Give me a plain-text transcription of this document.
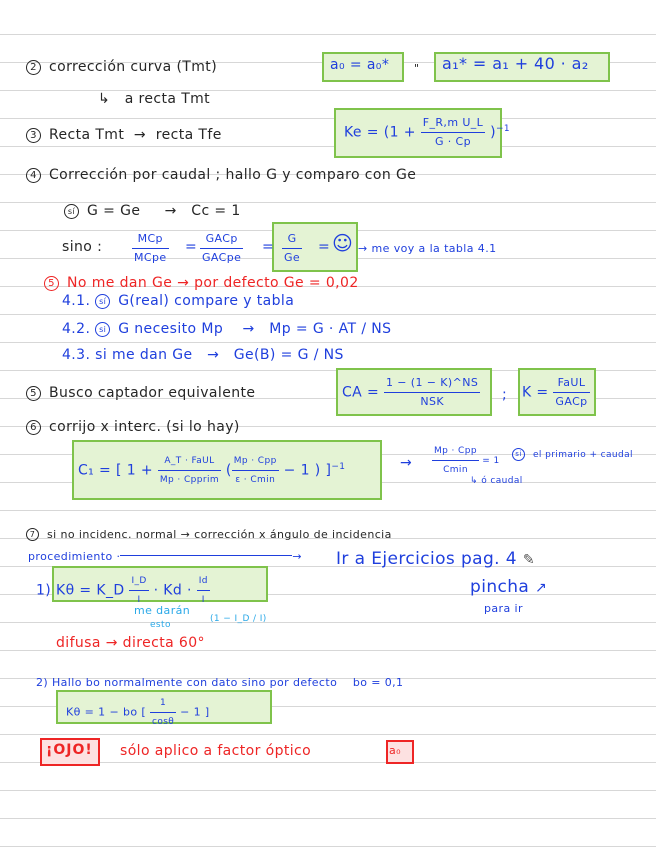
2 corrección curva (Tmt)	a₀ = a₀* " a₁* = a₁ + 40 · a₂
↳   a recta Tmt
3 Recta Tmt  →  recta Tfe	$Ke = (1 + \frac{\text{F\_R,m U\_L}}{G \cdot Cp} )^{-1}$
4 Corrección por caudal ; hallo G y comparo con Ge
sí G = Ge     →   Cc = 1
sino :	$\frac{\text{MCp}}{\text{MCpe}} = \frac{\text{GACp}}{\text{GACpe}} = \frac{G}{Ge}$ = ☺ → me voy a la tabla 4.1
5 No me dan Ge → por defecto Ge = 0,02
4.1. sí G(real) compare y tabla
4.2. si G necesito Mp    →   Mp = G · AT / NS
4.3. si me dan Ge   →   Ge(B) = G / NS
5 Busco captador equivalente	CA = $\frac{1 - (1 - K)\^{}NS}{\text{NSK}}$ ; $K = \frac{\text{FaUL}}{\text{GACp}}$
6 corrijo x interc. (si lo hay)
C₁ = [ $1 + \frac{\text{A\_T · FaUL}}{\text{Mp · Cpprim}}$ ( $\frac{\text{Mp · Cpp}}{\varepsilon \cdot Cmin} - 1$ ) ]$^{-1}$	→ $\frac{\text{Mp · Cpp}}{Cmin} = 1$
si el primario + caudal
↳ ó caudal
7 si no incidenc. normal → corrección x ángulo de incidencia
procedimiento ·	→ Ir a Ejercicios pag. 4 ✎
pincha ↗
para ir
1) Kθ = K_D $\frac{I\_D}{I} \cdot Kd \cdot \frac{Id}{I}$
me darán
esto
(1 − I_D / I)
difusa → directa 60°
2) Hallo bo normalmente con dato sino por defecto bo = 0,1
Kθ = 1 − bo [ $\frac{1}{\cos\theta} - 1$ ]
¡OJO! sólo aplico a factor óptico	a₀
